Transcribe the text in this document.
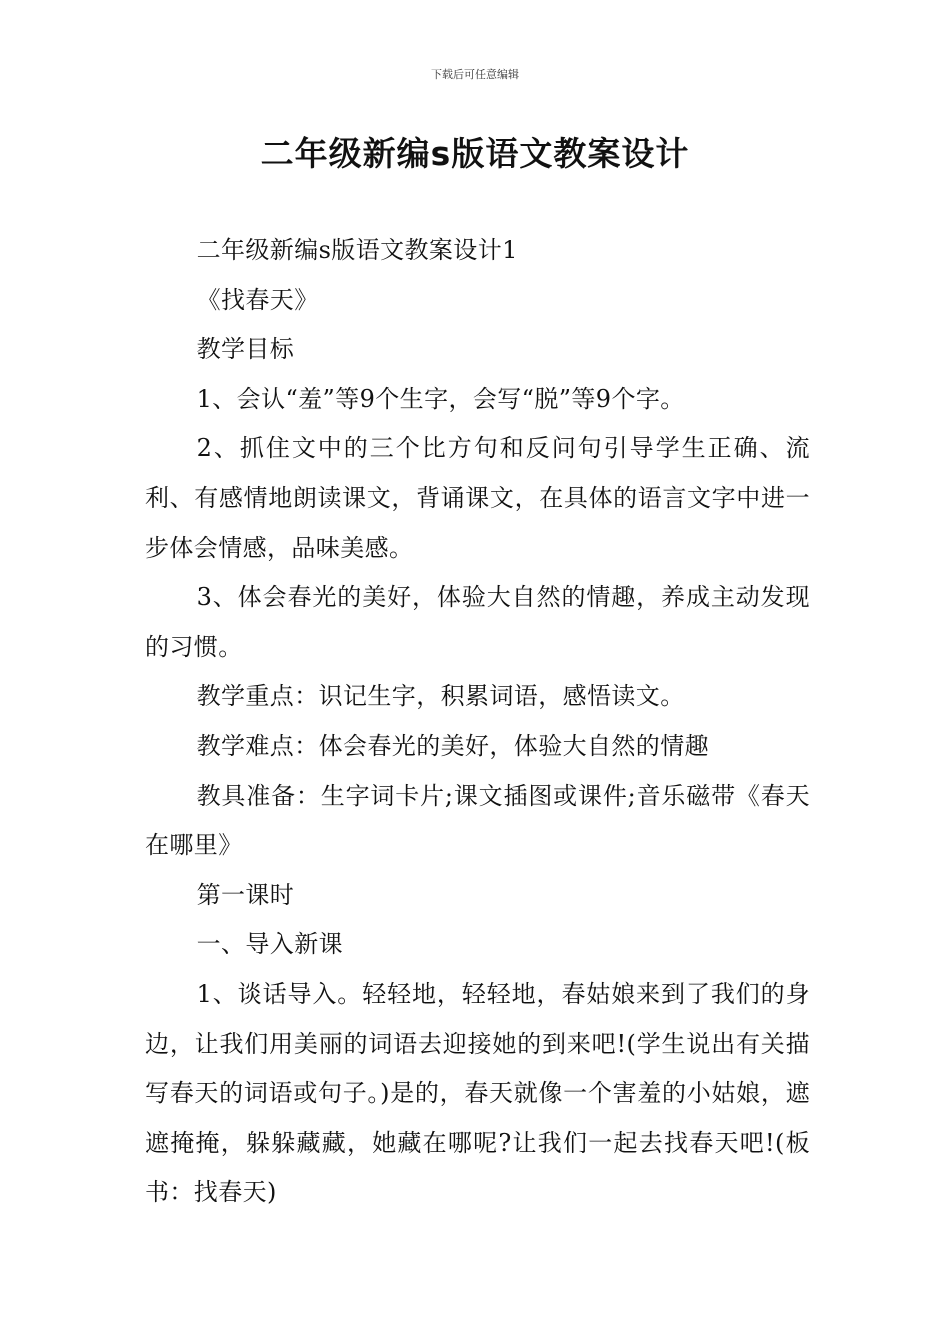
下载后可任意编辑
二年级新编s版语文教案设计

二年级新编s版语文教案设计1

《找春天》

教学目标

1、会认“羞”等9个生字，会写“脱”等9个字。

2、抓住文中的三个比方句和反问句引导学生正确、流利、有感情地朗读课文，背诵课文，在具体的语言文字中进一步体会情感，品味美感。

3、体会春光的美好，体验大自然的情趣，养成主动发现的习惯。

教学重点：识记生字，积累词语，感悟读文。

教学难点：体会春光的美好，体验大自然的情趣

教具准备：生字词卡片;课文插图或课件;音乐磁带《春天在哪里》

第一课时

一、导入新课

1、谈话导入。轻轻地，轻轻地，春姑娘来到了我们的身边，让我们用美丽的词语去迎接她的到来吧!(学生说出有关描写春天的词语或句子。)是的，春天就像一个害羞的小姑娘，遮遮掩掩，躲躲藏藏，她藏在哪呢?让我们一起去找春天吧!(板书：找春天)
